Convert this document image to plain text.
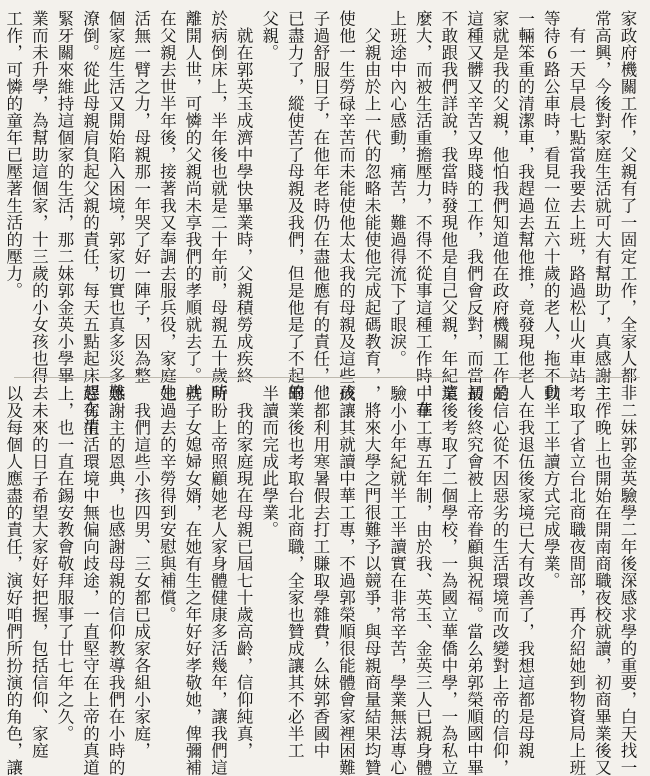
家政府機關工作，父親有了一固定工作，全家人都非
常高興，今後對家庭生活就可大有幫助了，真感謝主。
　有一天早晨七點當我要去上班，路過松山火車站
等待６路公車時，看見一位五六十歲的老人，拖不動
一輛笨重的清潔車，我趕過去幫他推，竟發現他老人
家就是我的父親，他怕我們知道他在政府機關工作是
這種又髒又辛苦又卑賤的工作，我們會反對，而當初
不敢跟我們詳說，我當時發現他是自己父親，年紀這
麼大，而被生活重擔壓力，不得不從事這種工作時，在
上班途中內心感動，痛苦，難過得流下了眼淚。
　父親由於上一代的忽略未能使他完成起碼教育，
使他一生勞碌辛苦而未能使他太太我的母親及這些孩
子過舒服日子，在他年老時仍在盡他應有的責任，他
已盡力了，縱使苦了母親及我們，但是他是了不起的
父親。
　就在郭英玉成濟中學快畢業時，父親積勞成疾終
於病倒床上，半年後也就是二十年前，母親五十歲時
離開人世，可憐的父親尚未享我們的孝順就去了。就
在父親去世半年後，接著我又奉調去服兵役，家庭生
活無一臂之力，母親那一年哭了好一陣子，因為整
個家庭生活又開始陷入困境，郭家切實也真多災多難
潦倒。從此母親肩負起父親的責任，每天五點起床趕在清
緊牙關來維持這個家的生活，那二妹郭金英小學畢
業而未升學，為幫助這個家，十三歲的小女孩也得去
工作，可憐的童年已壓著生活的壓力。
　二妹郭金英驗學二年後深感求學的重要，白天找一
工作晚上也開始在開南商職夜校就讀，初商畢業後又
考取了省立台北商職夜間部，再介紹她到物資局上班
以半工半讀方式完成學業。
　在我退伍後家境已大有改善了，我想這都是母親
的信心從不因惡劣的生活環境而改變對上帝的信仰，
最後終究會被上帝眷顧與祝福。當么弟郭榮順國中畢
業後考取了二個學校，一為國立華僑中學，一為私立
中華工專五年制，由於我、英玉、金英三人已親身體
驗小小年紀就半工半讀實在非常辛苦，學業無法專心
，將來大學之門很難予以競爭，與母親商量結果均贊
成讓其就讀中華工專，不過郭榮順很能體會家裡困難
，都利用寒暑假去打工賺取學雜費，么妹郭香國中
畢業後也考取台北商職，全家也贊成讓其不必半工
半讀而完成此學業。
　我的家庭現在母親已屆七十歲高齡，信仰純真，
所盼上帝照顧她老人家身體健康多活幾年，讓我們這
些子女媳婦女婿，在她有生之年好好孝敬她，俾彌補
她過去的辛勞得到安慰與補償。
　我們這些小孩四男、三女都已成家各組小家庭，
感謝主的恩典，也感謝母親的信仰教導我們在小時的
惡劣生活環境中無偏向歧途，一直堅守在上帝的真道
上，也一直在錫安教會敬拜服事了廿七年之久。
　未來的日子希望大家好好把握，包括信仰、家庭
以及每個人應盡的責任，演好咱們所扮演的角色，讓
